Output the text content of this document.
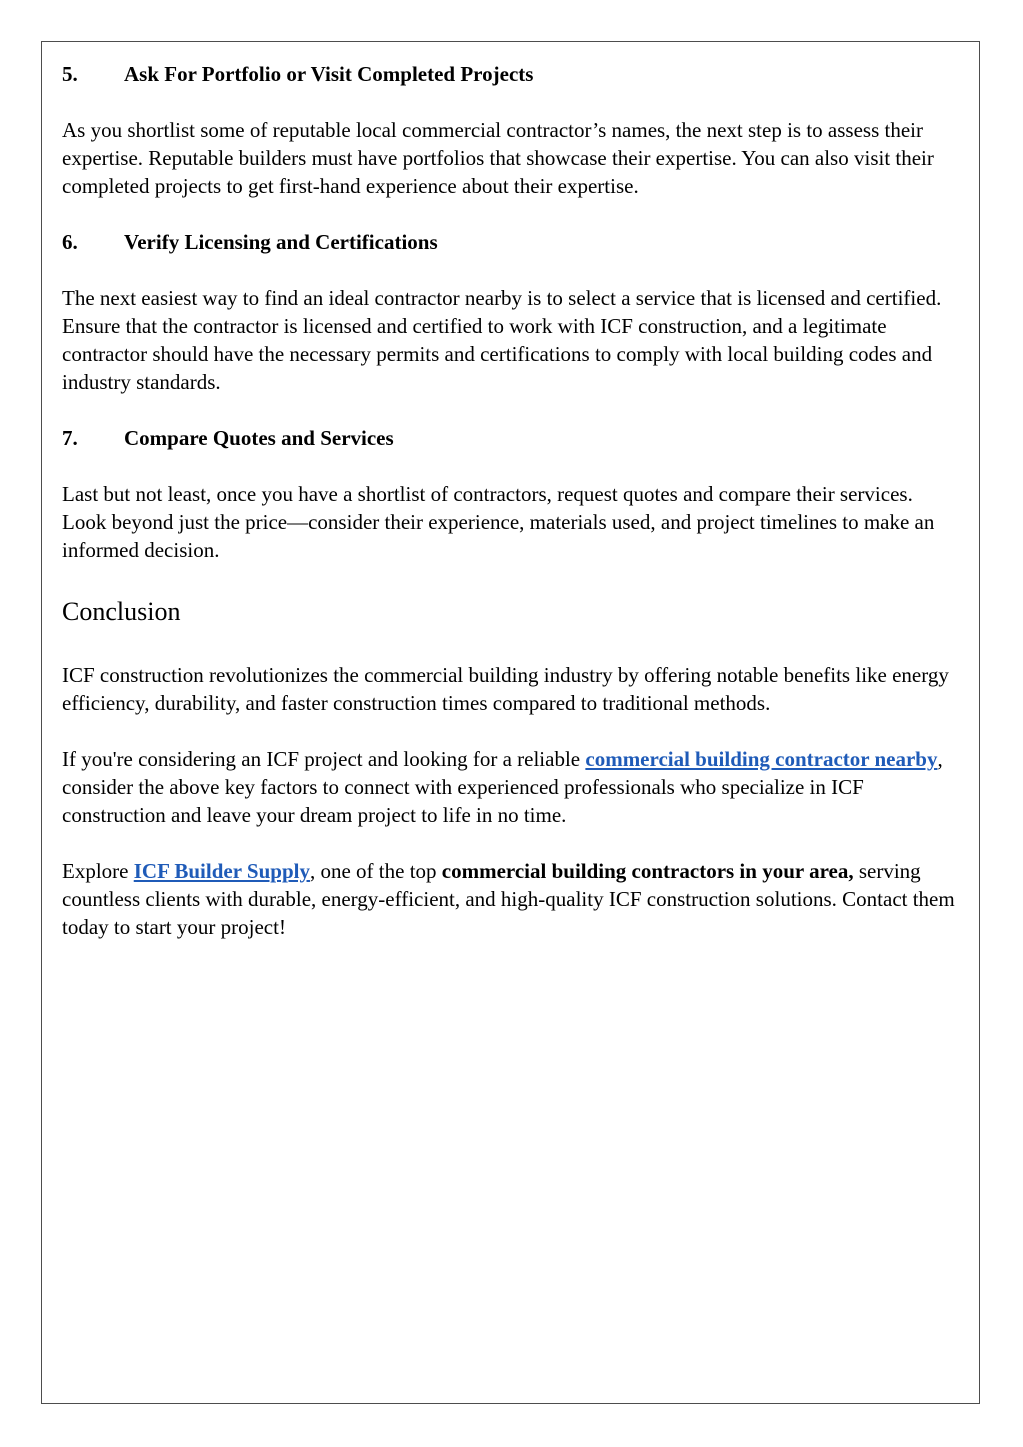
5.	Ask For Portfolio or Visit Completed Projects

As you shortlist some of reputable local commercial contractor’s names, the next step is to assess their expertise. Reputable builders must have portfolios that showcase their expertise. You can also visit their completed projects to get first-hand experience about their expertise.

6.	Verify Licensing and Certifications

The next easiest way to find an ideal contractor nearby is to select a service that is licensed and certified. Ensure that the contractor is licensed and certified to work with ICF construction, and a legitimate contractor should have the necessary permits and certifications to comply with local building codes and industry standards.

7.	Compare Quotes and Services

Last but not least, once you have a shortlist of contractors, request quotes and compare their services. Look beyond just the price—consider their experience, materials used, and project timelines to make an informed decision.

Conclusion

ICF construction revolutionizes the commercial building industry by offering notable benefits like energy efficiency, durability, and faster construction times compared to traditional methods.

If you're considering an ICF project and looking for a reliable commercial building contractor nearby, consider the above key factors to connect with experienced professionals who specialize in ICF construction and leave your dream project to life in no time.

Explore ICF Builder Supply, one of the top commercial building contractors in your area, serving countless clients with durable, energy-efficient, and high-quality ICF construction solutions. Contact them today to start your project!
